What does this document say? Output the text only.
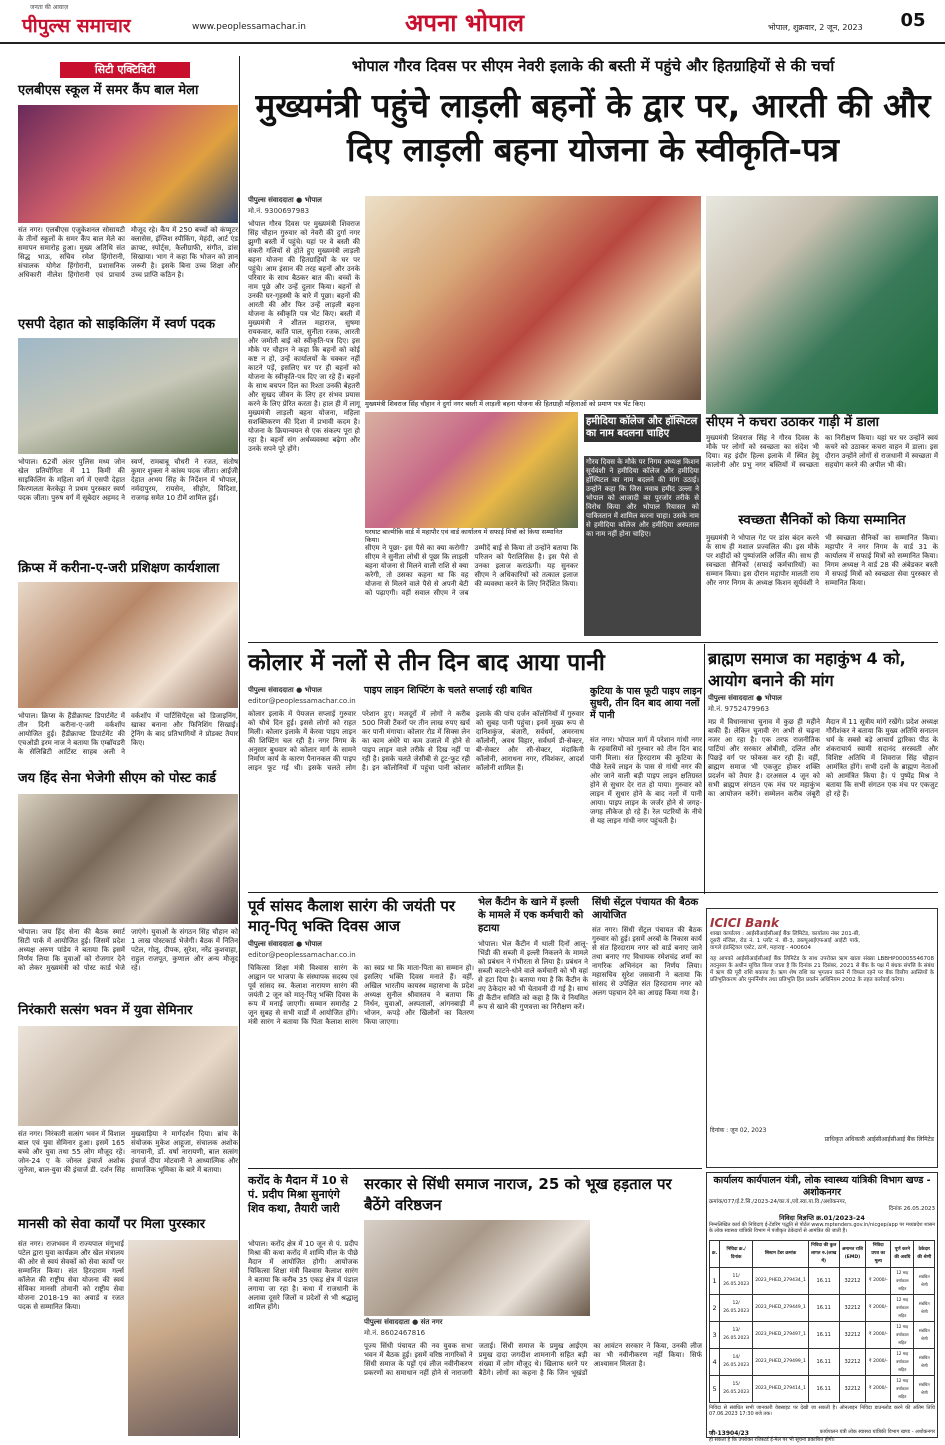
पीपुल्स समाचार
जनता की आवाज़
www.peoplessamachar.in	अपना भोपाल	भोपाल, शुक्रवार, 2 जून, 2023	05
सिटी एक्टिविटी
एलबीएस स्कूल में समर कैंप बाल मेला
संत नगर। एलबीएस एजुकेशनल सोसायटी के तीनों स्कूलों के समर कैंप बाल मेले का समापन समारोह हुआ। मुख्य अतिथि संत सिद्ध भाऊ, सचिव रमेश हिंगोरानी, संचालक योगेश हिंगोरानी, प्रशासनिक अधिकारी नीलेश हिंगोरानी एवं प्राचार्य मौजूद रहे। कैंप में 250 बच्चों को कंप्यूटर क्लासेस, इंग्लिश स्पीकिंग, मेहंदी, आर्ट एंड क्राफ्ट, स्पोर्ट्स, कैलीग्राफी, संगीत, डांस सिखाया। भाग ने कहा कि भोजन को ज्ञान जरूरी है। इसके बिना उच्च शिक्षा और उच्च प्राप्ति कठिन है।
एसपी देहात को साइकिलिंग में स्वर्ण पदक
भोपाल। 62वीं अंतर पुलिस मध्य जोन खेल प्रतियोगिता में 11 किमी की साइकिलिंग के महिला वर्ग में एसपी देहात किरणलता केरकेट्टा ने प्रथम पुरस्कार स्वर्ण पदक जीता। पुरुष वर्ग में सूबेदार अहमद ने स्वर्ण, रामबाबू चौधरी ने रजत, संतोष कुमार शुक्ला ने कांस्य पदक जीता। आईजी देहात अभय सिंह के निर्देशन में भोपाल, नर्मदापुरम, रायसेन, सीहोर, विदिशा, राजगढ़ समेत 10 टीमें शामिल हुई।
क्रिप्स में करीना-ए-जरी प्रशिक्षण कार्यशाला
भोपाल। क्रिप्स के हैंडीक्राफ्ट डिपार्टमेंट में तीन दिनी करीना-ए-जरी वर्कशॉप आयोजित हुई। हैंडीक्राफ्ट डिपार्टमेंट की एचओडी इरम नाज ने बताया कि एम्ब्रॉयडरी के सेलिब्रिटी आर्टिस्ट साहब अली ने वर्कशॉप में पार्टिसिपेंट्स को डिजाइनिंग, खाका बनाना और फिनिशिंग सिखाई। ट्रेनिंग के बाद प्रतिभागियों ने प्रोडक्ट तैयार किए।
जय हिंद सेना भेजेगी सीएम को पोस्ट कार्ड
भोपाल। जय हिंद सेना की बैठक स्मार्ट सिटी पार्क में आयोजित हुई। जिसमें प्रदेश अध्यक्ष अरुण पांडेय ने बताया कि इसमें निर्णय लिया कि युवाओं को रोजगार देने को लेकर मुख्यमंत्री को पोस्ट कार्ड भेजे जाएंगे। युवाओं के संगठन सिंह चौहान को 1 लाख पोस्टकार्ड भेजेगी। बैठक में नितिन पटेल, गोलू, दीपक, सुरेश, नरेंद्र कुशवाहा, राहुल राजपूत, कुणाल और अन्य मौजूद रहे।
निरंकारी सत्संग भवन में युवा सेमिनार
संत नगर। निरंकारी सत्संग भवन में विशाल बाल एवं युवा सेमिनार हुआ। इसमें 165 बच्चे और युवा तथा 55 लोग मौजूद रहे। जोन-24 ए के जोनल इंचार्ज अशोक जुनेजा, बाल-युवा की इंचार्ज डी. दर्शन सिंह मुखवाड़िया ने मार्गदर्शन दिया। ब्रांच के संयोजक मुकेश आहूजा, संचालक अशोक नागवानी, डॉ. वर्षा नारायणी, बाल सत्संग इंचार्ज दीपा मोटवानी ने आध्यात्मिक और सामाजिक भूमिका के बारे में बताया।
मानसी को सेवा कार्यों पर मिला पुरस्कार
संत नगर। राजभवन में राज्यपाल मंगुभाई पटेल द्वारा युवा कार्यक्रम और खेल मंत्रालय की ओर से स्वयं सेवकों को सेवा कार्यों पर सम्मानित किया। संत हिरदाराम गर्ल्स कॉलेज की राष्ट्रीय सेवा योजना की स्वयं सेविका मानसी तोमानी को राष्ट्रीय सेवा योजना 2018-19 का अवार्ड व रजत पदक से सम्मानित किया।
भोपाल गौरव दिवस पर सीएम नेवरी इलाके की बस्ती में पहुंचे और हितग्राहियों से की चर्चा
मुख्यमंत्री पहुंचे लाड़ली बहनों के द्वार पर, आरती की और दिए लाड़ली बहना योजना के स्वीकृति-पत्र
पीपुल्स संवाददाता ● भोपाल
मो.नं. 9300697983
भोपाल गौरव दिवस पर मुख्यमंत्री शिवराज सिंह चौहान गुरुवार को नेवरी की दुर्गा नगर झुग्गी बस्ती में पहुंचे। यहां पर वे बस्ती की संकरी गलियों से होते हुए मुख्यमंत्री लाड़ली बहना योजना की हितग्राहियों के घर पर पहुंचे। आम इंसान की तरह बहनों और उनके परिवार के साथ बैठकर बात की। बच्चों के नाम पूछे और उन्हें दुलार किया। बहनों से उनकी घर-गृहस्थी के बारे में पूछा। बहनों की आरती की और फिर उन्हें लाड़ली बहना योजना के स्वीकृति पत्र भेंट किए। बस्ती में मुख्यमंत्री ने शीतल महाराज, सुषमा रायकवार, कांति पाल, सुनीता रजक, आरती और जमोती बाई को स्वीकृति-पत्र दिए। इस मौके पर चौहान ने कहा कि बहनों को कोई कष्ट न हो, उन्हें कार्यालयों के चक्कर नहीं काटने पड़ें, इसलिए घर पर ही बहनों को योजना के स्वीकृति-पत्र दिए जा रहे हैं। बहनों के साथ बचपन दिल का रिश्ता उनकी बेहतरी और सुखद जीवन के लिए हर संभव प्रयास करने के लिए प्रेरित करता है। हाल ही में लागू मुख्यमंत्री लाड़ली बहना योजना, महिला सशक्तिकरण की दिशा में प्रभावी कदम है। योजना के क्रियान्वयन से एक संकल्प पूरा हो रहा है। बहनों संग अर्थव्यवस्था बढ़ेगा और उनके सपने पूरे होंगे।
मुख्यमंत्री शिवराज सिंह चौहान ने दुर्गा नगर बस्ती में लाड़ली बहना योजना की हितग्राही महिलाओं को प्रमाण पत्र भेंट किए।
घरघाट बाल्मीकि वार्ड में महापौर एवं वार्ड कार्यालय में सफाई मित्रों को किया सम्मानित किया।
हमीदिया कॉलेज और हॉस्पिटल का नाम बदलना चाहिए
गौरव दिवस के मौके पर निगम अध्यक्ष किशन सूर्यवंशी ने हमीदिया कॉलेज और हमीदिया हॉस्पिटल का नाम बदलने की मांग उठाई। उन्होंने कहा कि जिस नवाब हमीद उल्ला ने भोपाल को आजादी का पुरजोर तरीके से विरोध किया और भोपाल रियासत को पाकिस्तान में शामिल करना चाहा। उसके नाम से हमीदिया कॉलेज और हमीदिया अस्पताल का नाम नहीं होना चाहिए।
सीएम ने पूछा- इस पैसे का क्या करोगी? सीएम ने सुनीता लोधी से पूछा कि लाड़ली बहना योजना से मिलने वाली राशि से क्या करेगी, तो उसका कहना था कि वह योजना से मिलने वाले पैसे से अपनी बेटी को पढ़ाएगी। वहीं सवाल सीएम ने जब उम्मीदें बाई से किया तो उन्होंने बताया कि परिजन को पैरालिसिस है। इस पैसे से उनका इलाज कराऊंगी। यह सुनकर सीएम ने अधिकारियों को तत्काल इलाज की व्यवस्था करने के लिए निर्देशित किया।
सीएम ने कचरा उठाकर गाड़ी में डाला
मुख्यमंत्री शिवराज सिंह ने गौरव दिवस के मौके पर लोगों को स्वच्छता का संदेश भी दिया। वह इंदौर हिल्स इलाके में स्थित हेयू कालोनी और प्रभु नगर बस्तियों में स्वच्छता का निरीक्षण किया। यहां घर घर उन्होंने स्वयं कचरे को उठाकर कचरा वाहन में डाला। इस दौरान उन्होंने लोगों से राजधानी में स्वच्छता में सहयोग करने की अपील भी की।
स्वच्छता सैनिकों को किया सम्मानित
मुख्यमंत्री ने भोपाल गेट पर डांस बंदन करने के साथ ही मशाल प्रज्वलित की। इस मौके पर शहीदों को पुष्पांजलि अर्जित की। साथ ही स्वच्छता सैनिकों (सफाई कर्मचारियों) का सम्मान किया। इस दौरान महापौर मालती राय और नगर निगम के अध्यक्ष किशन सूर्यवंशी ने भी स्वच्छता सैनिकों का सम्मानित किया। महापौर ने नगर निगम के वार्ड 31 के कार्यालय में सफाई मित्रों को सम्मानित किया। निगम अध्यक्ष ने वार्ड 28 की अंबेडकर बस्ती में सफाई मित्रों को स्वच्छता सेवा पुरस्कार से सम्मानित किया।
कोलार में नलों से तीन दिन बाद आया पानी
पीपुल्स संवाददाता ● भोपाल
editor@peoplessamachar.co.in
पाइप लाइन शिफ्टिंग के चलते सप्लाई रही बाधित
कोलार इलाके में पेयजल सप्लाई गुरुवार को चौथे दिन हुई। इससे लोगों को राहत मिली। कोलार इलाके में केरवा पाइप लाइन की शिफ्टिंग चल रही है। नगर निगम के अनुसार बुधवार को कोलार मार्ग के सामने निर्माण कार्य के कारण पैनानकल की पाइप लाइन फूट गई थी। इसके चलते लोग परेशान हुए। मजदूरों में लोगों ने करीब 500 निजी टैंकरों पर तीन लाख रुपए खर्च कर पानी मंगाया। कोलार रोड में सिक्स लेन का काम अंधेरे या कम उजाले में होने से पाइप लाइन वाले तरीके से दिख नहीं पा रही है। इसके चलते जेसीबी से टूट-फूट रही है। इन कॉलोनियों में पहुंचा पानी कोलार इलाके की पांच दर्जन कॉलोनियों में गुरुवार को सुबह पानी पहुंचा। इनमें मुख्य रूप से दानिशकुंज, बंजारी, सर्वधर्म, अमरनाथ कॉलोनी, अवध विहार, सर्वधर्म डी-सेक्टर, बी-सेक्टर और सी-सेक्टर, मंदाकिनी कॉलोनी, आराधना नगर, रविशंकर, आदर्श कॉलोनी शामिल हैं।
कुटिया के पास फूटी पाइप लाइन सुधरी, तीन दिन बाद आया नलों में पानी
संत नगर। भोपाल मार्ग में परेशान गांधी नगर के रहवासियों को गुरुवार को तीन दिन बाद पानी मिला। संत हिरदाराम की कुटिया के पीछे रेलवे लाइन के पास से गांधी नगर की ओर जाने वाली बड़ी पाइप लाइन क्षतिग्रस्त होने से सुधार देर रात हो पाया। गुरुवार को लाइन में सुधार होने के बाद नलों में पानी आया। पाइप लाइन के जर्जर होने से जगह-जगह लीकेज हो रहे हैं। रेल पटरियों के नीचे से यह लाइन गांधी नगर पहुंचती है।
ब्राह्मण समाज का महाकुंभ 4 को, आयोग बनाने की मांग
पीपुल्स संवाददाता ● भोपाल
मो.नं. 9752479963
मप्र में विधानसभा चुनाव में कुछ ही महीने बाकी हैं। लेकिन चुनावी रंग अभी से चढ़ना नजर आ रहा है। एक तरफ राजनीतिक पार्टियां और सरकार ओबीसी, दलित और पिछड़े वर्ग पर फोकस कर रही हैं। वहीं, ब्राह्मण समाज भी एकजुट होकर शक्ति प्रदर्शन को तैयार है। दरअसल 4 जून को सभी ब्राह्मण संगठन एक मंच पर महाकुंभ का आयोजन करेंगे। सम्मेलन करीब जंबूरी मैदान में 11 सूत्रीय मांगें रखेंगे। प्रदेश अध्यक्ष गौरीशंकर ने बताया कि मुख्य अतिथि सनातन धर्म के सबसे बड़े आचार्य द्वारिका पीठ के शंकराचार्य स्वामी सदानंद सरस्वती और विशिष्ट अतिथि में शिवराज सिंह चौहान आमंत्रित होंगे। सभी दलों के ब्राह्मण नेताओं को आमंत्रित किया है। पं पुष्पेंद्र मिश्र ने बताया कि सभी संगठन एक मंच पर एकजुट हो रहे हैं।
पूर्व सांसद कैलाश सारंग की जयंती पर मातृ-पितृ भक्ति दिवस आज
पीपुल्स संवाददाता ● भोपाल
editor@peoplessamachar.co.in
चिकित्सा शिक्षा मंत्री विश्वास सारंग के आह्वान पर भाजपा के संस्थापक सदस्य एवं पूर्व सांसद स्व. कैलाश नारायण सारंग की जयंती 2 जून को मातृ-पितृ भक्ति दिवस के रूप में मनाई जाएगी। सम्मान समारोह 2 जून सुबह से सभी वार्डों में आयोजित होंगे। मंत्री सारंग ने बताया कि पिता कैलाश सारंग का स्वप्न था कि माता-पिता का सम्मान हो। इसलिए भक्ति दिवस मनाते हैं। वहीं, अखिल भारतीय कायस्थ महासभा के प्रदेश अध्यक्ष सुनील श्रीवास्तव ने बताया कि निर्धन, युवाओं, अस्पतालों, आंगनबाड़ी में भोजन, कपड़े और खिलौनों का वितरण किया जाएगा।
भेल कैंटीन के खाने में इल्ली के मामले में एक कर्मचारी को हटाया
भोपाल। भेल कैंटीन में थाली दिनों आलू-भिंडी की सब्जी में इल्ली निकलने के मामले को प्रबंधन ने गंभीरता से लिया है। प्रबंधन ने सब्जी काटने-धोने वाले कर्मचारी को भी वहां से हटा दिया है। बताया गया है कि कैंटीन के नए ठेकेदार को भी चेतावनी दी गई है। साथ ही कैंटीन समिति को कहा है कि वे नियमित रूप से खाने की गुणवत्ता का निरीक्षण करें।
सिंधी सेंट्रल पंचायत की बैठक आयोजित
संत नगर। सिंधी सेंट्रल पंचायत की बैठक गुरुवार को हुई। इसमें अरबों के निकास कार्य से संत हिरदाराम नगर को वार्ड बनाए जाने तथा बनाए गए विधायक रमेशचंद्र शर्मा का नागरिक अभिनंदन का निर्णय लिया। महासचिव सुरेश जसवानी ने बताया कि सांसद से उपेक्षित संत हिरदाराम नगर को अलग पहचान देने का आग्रह किया गया है।
ICICI Bank शाखा कार्यालय : आईसीआईसीआई बैंक लिमिटेड, कार्यालय नंबर 201-बी, दूसरी मंजिल, रोड नं. 1 प्लॉट नं. बी-3, डब्ल्यूआईएफआई आईटी पार्क, वागले इंडस्ट्रियल एस्टेट, ठाणे, महाराष्ट्र - 400604
यह आपको आईसीआईसीआई बैंक लिमिटेड के साथ उपरोक्त ऋण खाता संख्या LBBHP00005546708 तदनुसार के अधीन सूचित किया जाता है कि दिनांक 21 दिसंबर, 2021 से बैंक के पक्ष में बंधक संपत्ति के संबंध में ऋण की पूरी राशि बकाया है। ऋण शेष राशि का भुगतान करने में विफल रहने पर बैंक वित्तीय आस्तियों के प्रतिभूतिकरण और पुनर्निर्माण तथा प्रतिभूति हित प्रवर्तन अधिनियम 2002 के तहत कार्रवाई करेगा।
दिनांक : जून 02, 2023
प्राधिकृत अधिकारी आईसीआईसीआई बैंक लिमिटेड
करोंद के मैदान में 10 से पं. प्रदीप मिश्रा सुनाएंगे शिव कथा, तैयारी जारी
भोपाल। करोंद क्षेत्र में 10 जून से पं. प्रदीप मिश्रा की कथा करोंद में शाम्पि मील के पीछे मैदान में आयोजित होगी। आयोजक चिकित्सा शिक्षा मंत्री विश्वास कैलाश सारंग ने बताया कि करीब 35 एकड़ क्षेत्र में पंडाल लगाया जा रहा है। कथा में राजधानी के अलावा दूसरे जिलों व प्रदेशों से भी श्रद्धालु शामिल होंगे।
सरकार से सिंधी समाज नाराज, 25 को भूख हड़ताल पर बैठेंगे वरिष्ठजन
पीपुल्स संवाददाता ● संत नगर
मो.नं. 8602467816
पूज्य सिंधी पंचायत की नव युवक सभा भवन में बैठक हुई। इसमें वरिष्ठ नागरिकों ने सिंधी समाज के पट्टों एवं लीज नवीनीकरण प्रकरणों का समाधान नहीं होने से नाराजगी जताई। सिंधी समाज के प्रमुख आईएम प्रमुख दादा जगदीश शामनानी सहित बड़ी संख्या में लोग मौजूद थे। खिलाफ धरने पर बैठेंगे। लोगों का कहना है कि जिन भूखंडों का आवंटन सरकार ने किया, उनकी लीज का भी नवीनीकरण नहीं किया। सिर्फ आश्वासन मिलता है।
कार्यालय कार्यपालन यंत्री, लोक स्वास्थ्य यांत्रिकी विभाग खण्ड - अशोकनगर
क्रमांक/077/ई.टे.सि./2023-24/का.यं./लो.स्वा.या.वि./अशोकनगर,
दिनांक 26.05.2023
निविदा विज्ञप्ति क्र.01/2023-24
निम्नलिखित कार्य की निविदाएं ई-टेंडरिंग पद्धति से पोर्टल www.mptenders.gov.in/nicgep/app पर मध्यप्रदेश शासन के लोक स्वास्थ्य यांत्रिकी विभाग में पंजीकृत ठेकेदारों से आमंत्रित की जाती हैं।
क्र.	निविदा क्र./ दिनांक	सिस्टम टेंडर क्रमांक	निविदा की कुल लागत रु.(लाख में)	अमानत राशि (EMD)	निविदा प्रपत्र का मूल्य	पूर्ण करने की अवधि	ठेकेदार की श्रेणी
1	11/ 26.05.2023	2023_PHED_279434_1	16.11	32212	₹ 2000/-	12 माह वर्षाकाल सहित	संबंधित श्रेणी
2	12/ 26.05.2023	2023_PHED_279449_1	16.11	32212	₹ 2000/-	12 माह वर्षाकाल सहित	संबंधित श्रेणी
3	13/ 26.05.2023	2023_PHED_279497_1	16.11	32212	₹ 2000/-	12 माह वर्षाकाल सहित	संबंधित श्रेणी
4	14/ 26.05.2023	2023_PHED_279499_1	16.11	32212	₹ 2000/-	12 माह वर्षाकाल सहित	संबंधित श्रेणी
5	15/ 26.05.2023	2023_PHED_279414_1	16.11	32212	₹ 2000/-	12 माह वर्षाकाल सहित	संबंधित श्रेणी
निविदा से संबंधित सभी जानकारी वेबसाइट पर देखी जा सकती है। ऑनलाइन निविदा डाउनलोड करने की अंतिम तिथि 07.06.2023 17:30 बजे तक।
जी-13904/23	कार्यपालन यंत्री लोक स्वास्थ्य यांत्रिकी विभाग खण्ड - अशोकनगर
हो सकता है कि उपरोक्त रजिस्टर्ड ई-मेल पर भी सूचना प्रकाशित होगी।
